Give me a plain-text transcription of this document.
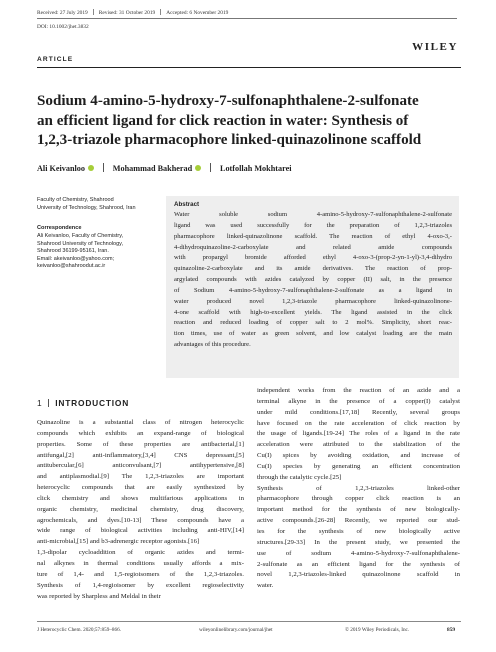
Received: 27 July 2019 Revised: 31 October 2019 Accepted: 6 November 2019
DOI: 10.1002/jhet.3832
WILEY
ARTICLE
Sodium 4-amino-5-hydroxy-7-sulfonaphthalene-2-sulfonate
an efficient ligand for click reaction in water: Synthesis of
1,2,3-triazole pharmacophore linked-quinazolinone scaffold
Ali Keivanloo	Mohammad Bakherad	Lotfollah Mokhtarei
Faculty of Chemistry, Shahrood
University of Technology, Shahrood, Iran
Correspondence
Ali Keivanloo, Faculty of Chemistry,
Shahrood University of Technology,
Shahrood 36199-95161, Iran.
Email: akeivanloo@yahoo.com;
keivanloo@shahroodut.ac.ir
Abstract
Water soluble sodium 4-amino-5-hydroxy-7-sulfonaphthalene-2-sulfonate
ligand was used successfully for the preparation of 1,2,3-triazoles
pharmacophore linked-quinazolinone scaffold. The reaction of ethyl 4-oxo-3,-
4-dihydroquinazoline-2-carboxylate and related amide compounds
with propargyl bromide afforded ethyl 4-oxo-3-(prop-2-yn-1-yl)-3,4-dihydro
quinazoline-2-carboxylate and its amide derivatives. The reaction of prop-
argylated compounds with azides catalyzed by copper (II) salt, in the presence
of Sodium 4-amino-5-hydroxy-7-sulfonaphthalene-2-sulfonate as a ligand in
water produced novel 1,2,3-triazole pharmacophore linked-quinazolinone-
4-one scaffold with high-to-excellent yields. The ligand assisted in the click
reaction and reduced loading of copper salt to 2 mol%. Simplicity, short reac-
tion times, use of water as green solvent, and low catalyst loading are the main
advantages of this procedure.
1 INTRODUCTION
Quinazoline is a substantial class of nitrogen heterocyclic
compounds which exhibits an expand-range of biological
properties. Some of these properties are antibacterial,[1]
antifungal,[2] anti-inflammatory,[3,4] CNS depressant,[5]
antitubercular,[6] anticonvulsant,[7] antihypertensive,[8]
and antiplasmodial.[9] The 1,2,3-triazoles are important
heterocyclic compounds that are easily synthesized by
click chemistry and shows multifarious applications in
organic chemistry, medicinal chemistry, drug discovery,
agrochemicals, and dyes.[10-13] These compounds have a
wide range of biological activities including anti-HIV,[14]
anti-microbial,[15] and b3-adrenergic receptor agonists.[16]
1,3-dipolar cycloaddition of organic azides and termi-
nal alkynes in thermal conditions usually affords a mix-
ture of 1,4- and 1,5-regioisomers of the 1,2,3-triazoles.
Synthesis of 1,4-regioisomer by excellent regioselectivity
was reported by Sharpless and Meldal in their
independent works from the reaction of an azide and a
terminal alkyne in the presence of a copper(I) catalyst
under mild conditions.[17,18] Recently, several groups
have focused on the rate acceleration of click reaction by
the usage of ligands.[19-24] The roles of a ligand in the rate
acceleration were attributed to the stabilization of the
Cu(I) spices by avoiding oxidation, and increase of
Cu(I) species by generating an efficient concentration
through the catalytic cycle.[25]
Synthesis of 1,2,3-triazoles linked-other
pharmacophore through copper click reaction is an
important method for the synthesis of new biologically-
active compounds.[26-28] Recently, we reported our stud-
ies for the synthesis of new biologically active
structures.[29-33] In the present study, we presented the
use of sodium 4-amino-5-hydroxy-7-sulfonaphthalene-
2-sulfonate as an efficient ligand for the synthesis of
novel 1,2,3-triazoles-linked quinazolinone scaffold in
water.
J Heterocyclic Chem. 2020;57:859–866.	wileyonlinelibrary.com/journal/jhet	© 2019 Wiley Periodicals, Inc.	859
